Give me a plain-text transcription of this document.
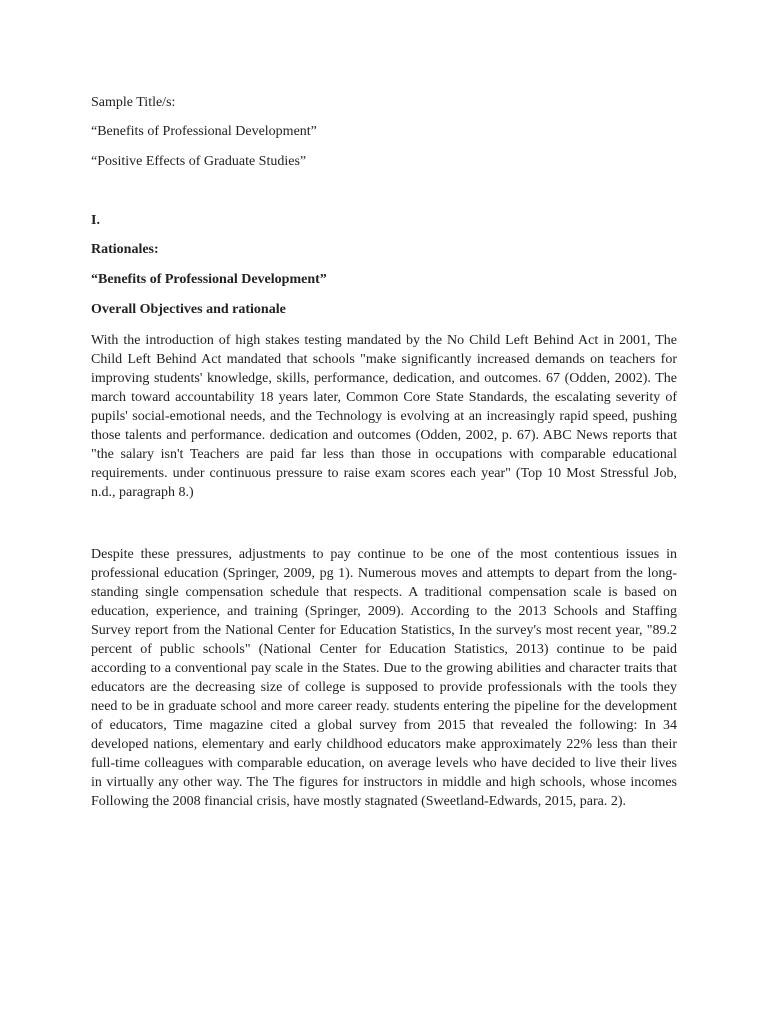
Sample Title/s:
“Benefits of Professional Development”
“Positive Effects of Graduate Studies”
I.
Rationales:
“Benefits of Professional Development”
Overall Objectives and rationale

With the introduction of high stakes testing mandated by the No Child Left Behind Act in 2001, The Child Left Behind Act mandated that schools "make significantly increased demands on teachers for improving students' knowledge, skills, performance, dedication, and outcomes. 67 (Odden, 2002). The march toward accountability 18 years later, Common Core State Standards, the escalating severity of pupils' social-emotional needs, and the Technology is evolving at an increasingly rapid speed, pushing those talents and performance. dedication and outcomes (Odden, 2002, p. 67). ABC News reports that "the salary isn't Teachers are paid far less than those in occupations with comparable educational requirements. under continuous pressure to raise exam scores each year" (Top 10 Most Stressful Job, n.d., paragraph 8.)

Despite these pressures, adjustments to pay continue to be one of the most contentious issues in professional education (Springer, 2009, pg 1). Numerous moves and attempts to depart from the long-standing single compensation schedule that respects. A traditional compensation scale is based on education, experience, and training (Springer, 2009). According to the 2013 Schools and Staffing Survey report from the National Center for Education Statistics, In the survey's most recent year, "89.2 percent of public schools" (National Center for Education Statistics, 2013) continue to be paid according to a conventional pay scale in the States. Due to the growing abilities and character traits that educators are the decreasing size of college is supposed to provide professionals with the tools they need to be in graduate school and more career ready. students entering the pipeline for the development of educators, Time magazine cited a global survey from 2015 that revealed the following: In 34 developed nations, elementary and early childhood educators make approximately 22% less than their full-time colleagues with comparable education, on average levels who have decided to live their lives in virtually any other way. The The figures for instructors in middle and high schools, whose incomes Following the 2008 financial crisis, have mostly stagnated (Sweetland-Edwards, 2015, para. 2).
